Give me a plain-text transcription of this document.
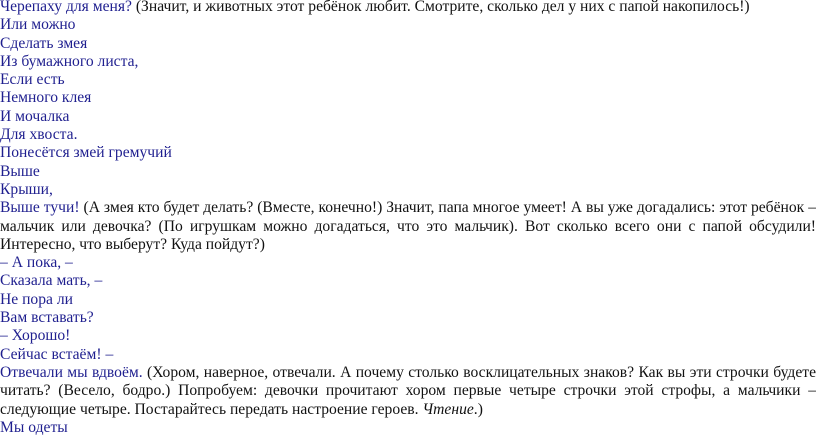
Черепаху для меня? (Значит, и животных этот ребёнок любит. Смотрите, сколько дел у них с папой накопилось!)
Или можно
Сделать змея
Из бумажного листа,
Если есть
Немного клея
И мочалка
Для хвоста.
Понесётся змей гремучий
Выше
Крыши,
Выше тучи! (А змея кто будет делать? (Вместе, конечно!) Значит, папа многое умеет! А вы уже догадались: этот ребёнок – мальчик или девочка? (По игрушкам можно догадаться, что это мальчик). Вот сколько всего они с папой обсудили! Интересно, что выберут? Куда пойдут?)
– А пока, –
Сказала мать, –
Не пора ли
Вам вставать?
– Хорошо!
Сейчас встаём! –
Отвечали мы вдвоём. (Хором, наверное, отвечали. А почему столько восклицательных знаков? Как вы эти строчки будете читать? (Весело, бодро.) Попробуем: девочки прочитают хором первые четыре строчки этой строфы, а мальчики – следующие четыре. Постарайтесь передать настроение героев. Чтение.)
Мы одеты
